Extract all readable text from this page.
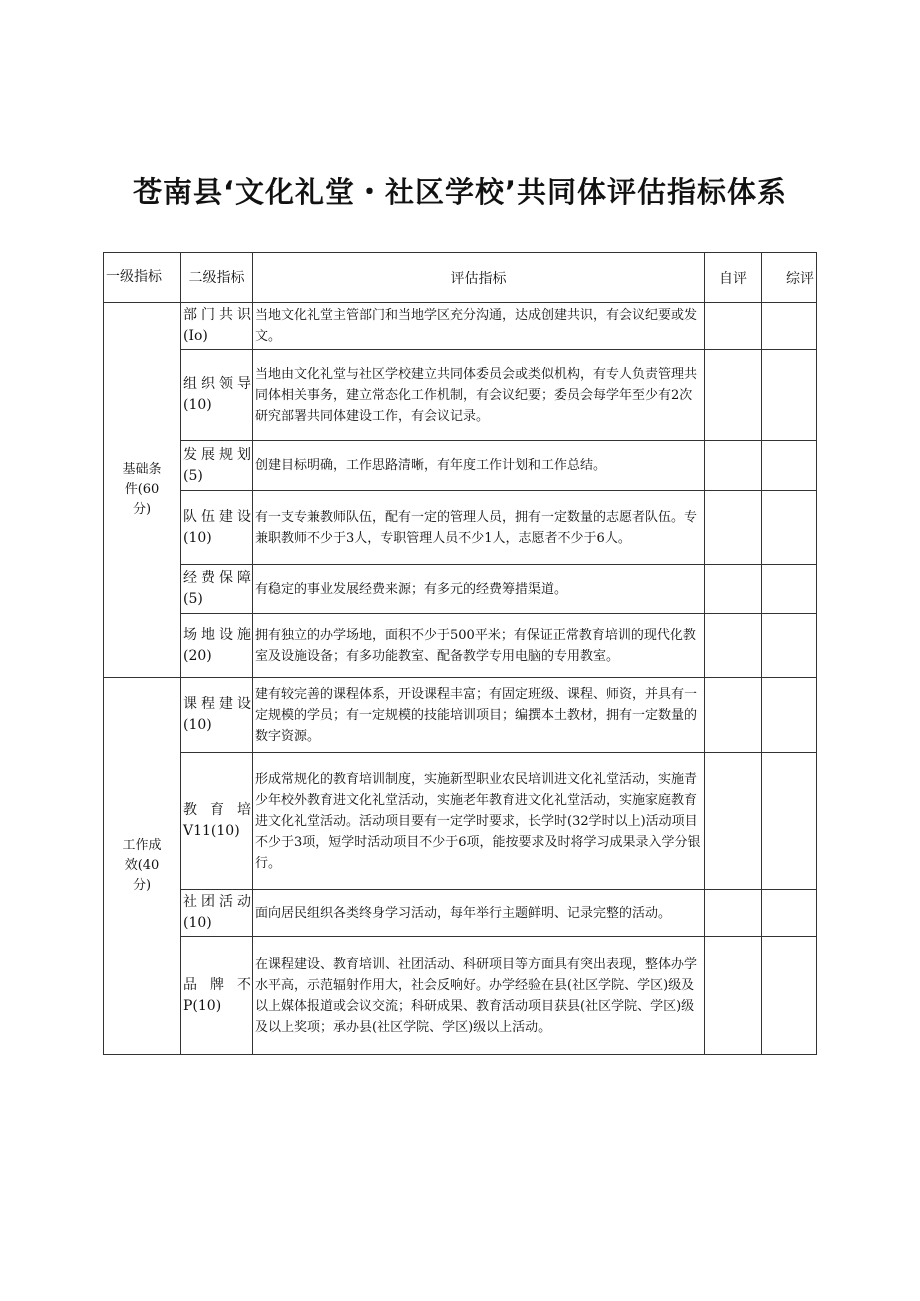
苍南县‘文化礼堂・社区学校’共同体评估指标体系
一级指标	二级指标	评估指标	自评	综评
基础条件(60分)	部门共识(Io)	当地文化礼堂主管部门和当地学区充分沟通，达成创建共识，有会议纪要或发文。		
	组织领导(10)	当地由文化礼堂与社区学校建立共同体委员会或类似机构，有专人负责管理共同体相关事务，建立常态化工作机制，有会议纪要；委员会每学年至少有2次研究部署共同体建设工作，有会议记录。		
	发展规划(5)	创建目标明确，工作思路清晰，有年度工作计划和工作总结。		
	队伍建设(10)	有一支专兼教师队伍，配有一定的管理人员，拥有一定数量的志愿者队伍。专兼职教师不少于3人，专职管理人员不少1人，志愿者不少于6人。		
	经费保障(5)	有稳定的事业发展经费来源；有多元的经费筹措渠道。		
	场地设施(20)	拥有独立的办学场地，面积不少于500平米；有保证正常教育培训的现代化教室及设施设备；有多功能教室、配备教学专用电脑的专用教室。		
工作成效(40分)	课程建设(10)	建有较完善的课程体系，开设课程丰富；有固定班级、课程、师资，并具有一定规模的学员；有一定规模的技能培训项目；编撰本土教材，拥有一定数量的数字资源。		
	教育培V11(10)	形成常规化的教育培训制度，实施新型职业农民培训进文化礼堂活动，实施青少年校外教育进文化礼堂活动，实施老年教育进文化礼堂活动，实施家庭教育进文化礼堂活动。活动项目要有一定学时要求，长学时(32学时以上)活动项目不少于3项，短学时活动项目不少于6项，能按要求及时将学习成果录入学分银行。		
	社团活动(10)	面向居民组织各类终身学习活动，每年举行主题鲜明、记录完整的活动。		
	品牌不P(10)	在课程建设、教育培训、社团活动、科研项目等方面具有突出表现，整体办学水平高，示范辐射作用大，社会反响好。办学经验在县(社区学院、学区)级及以上媒体报道或会议交流；科研成果、教育活动项目获县(社区学院、学区)级及以上奖项；承办县(社区学院、学区)级以上活动。		
